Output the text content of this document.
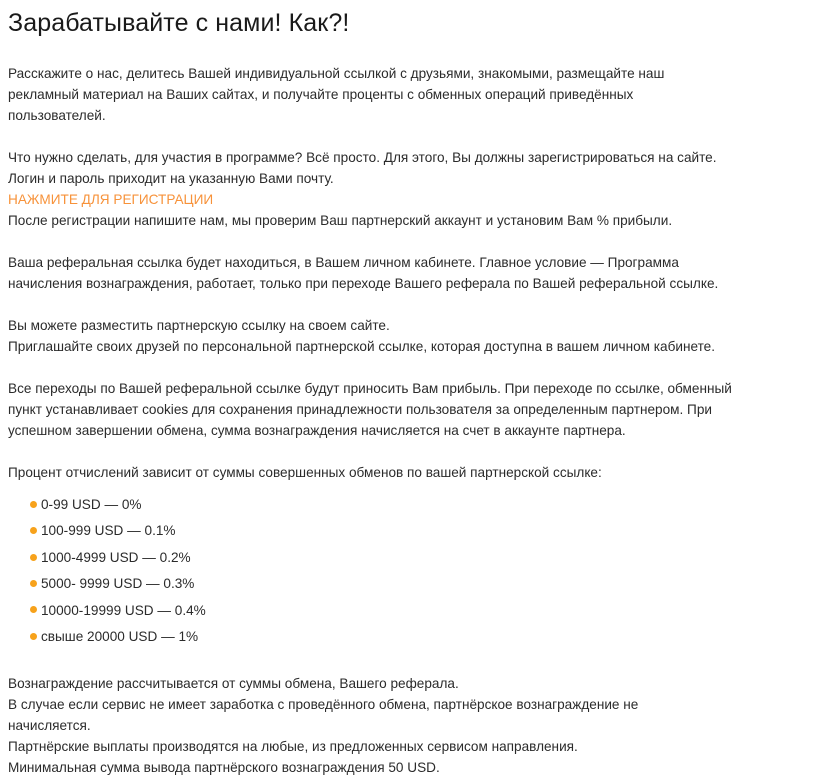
Зарабатывайте с нами! Как?!

Расскажите о нас, делитесь Вашей индивидуальной ссылкой с друзьями, знакомыми, размещайте наш

рекламный материал на Ваших сайтах, и получайте проценты с обменных операций приведённых

пользователей.

Что нужно сделать, для участия в программе? Всё просто. Для этого, Вы должны зарегистрироваться на сайте.

Логин и пароль приходит на указанную Вами почту.

НАЖМИТЕ ДЛЯ РЕГИСТРАЦИИ

После регистрации напишите нам, мы проверим Ваш партнерский аккаунт и установим Вам % прибыли.

Ваша реферальная ссылка будет находиться, в Вашем личном кабинете. Главное условие — Программа

начисления вознаграждения, работает, только при переходе Вашего реферала по Вашей реферальной ссылке.

Вы можете разместить партнерскую ссылку на своем сайте.

Приглашайте своих друзей по персональной партнерской ссылке, которая доступна в вашем личном кабинете.

Все переходы по Вашей реферальной ссылке будут приносить Вам прибыль. При переходе по ссылке, обменный

пункт устанавливает cookies для сохранения принадлежности пользователя за определенным партнером. При

успешном завершении обмена, сумма вознаграждения начисляется на счет в аккаунте партнера.

Процент отчислений зависит от суммы совершенных обменов по вашей партнерской ссылке:

0-99 USD — 0%
100-999 USD — 0.1%
1000-4999 USD — 0.2%
5000- 9999 USD — 0.3%
10000-19999 USD — 0.4%
свыше 20000 USD — 1%

Вознаграждение рассчитывается от суммы обмена, Вашего реферала.

В случае если сервис не имеет заработка с проведённого обмена, партнёрское вознаграждение не

начисляется.

Партнёрские выплаты производятся на любые, из предложенных сервисом направления.

Минимальная сумма вывода партнёрского вознаграждения 50 USD.
